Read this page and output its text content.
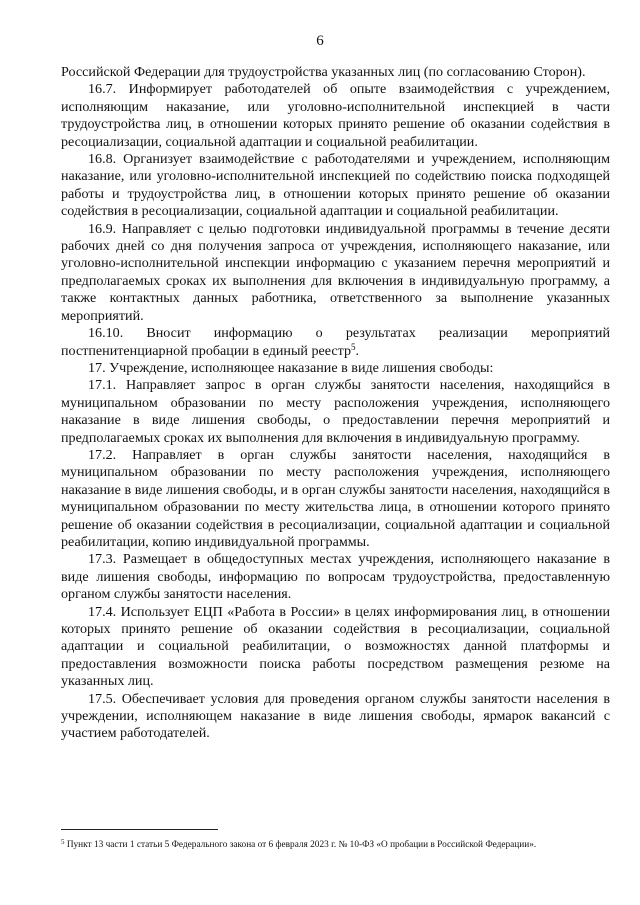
6

Российской Федерации для трудоустройства указанных лиц (по согласованию Сторон).

16.7. Информирует работодателей об опыте взаимодействия с учреждением, исполняющим наказание, или уголовно-исполнительной инспекцией в части трудоустройства лиц, в отношении которых принято решение об оказании содействия в ресоциализации, социальной адаптации и социальной реабилитации.

16.8. Организует взаимодействие с работодателями и учреждением, исполняющим наказание, или уголовно-исполнительной инспекцией по содействию поиска подходящей работы и трудоустройства лиц, в отношении которых принято решение об оказании содействия в ресоциализации, социальной адаптации и социальной реабилитации.

16.9. Направляет с целью подготовки индивидуальной программы в течение десяти рабочих дней со дня получения запроса от учреждения, исполняющего наказание, или уголовно-исполнительной инспекции информацию с указанием перечня мероприятий и предполагаемых сроках их выполнения для включения в индивидуальную программу, а также контактных данных работника, ответственного за выполнение указанных мероприятий.

16.10. Вносит информацию о результатах реализации мероприятий постпенитенциарной пробации в единый реестр$^5$.

17. Учреждение, исполняющее наказание в виде лишения свободы:

17.1. Направляет запрос в орган службы занятости населения, находящийся в муниципальном образовании по месту расположения учреждения, исполняющего наказание в виде лишения свободы, о предоставлении перечня мероприятий и предполагаемых сроках их выполнения для включения в индивидуальную программу.

17.2. Направляет в орган службы занятости населения, находящийся в муниципальном образовании по месту расположения учреждения, исполняющего наказание в виде лишения свободы, и в орган службы занятости населения, находящийся в муниципальном образовании по месту жительства лица, в отношении которого принято решение об оказании содействия в ресоциализации, социальной адаптации и социальной реабилитации, копию индивидуальной программы.

17.3. Размещает в общедоступных местах учреждения, исполняющего наказание в виде лишения свободы, информацию по вопросам трудоустройства, предоставленную органом службы занятости населения.

17.4. Использует ЕЦП «Работа в России» в целях информирования лиц, в отношении которых принято решение об оказании содействия в ресоциализации, социальной адаптации и социальной реабилитации, о возможностях данной платформы и предоставления возможности поиска работы посредством размещения резюме на указанных лиц.

17.5. Обеспечивает условия для проведения органом службы занятости населения в учреждении, исполняющем наказание в виде лишения свободы, ярмарок вакансий с участием работодателей.

$^5$ Пункт 13 части 1 статьи 5 Федерального закона от 6 февраля 2023 г. № 10-ФЗ «О пробации в Российской Федерации».
